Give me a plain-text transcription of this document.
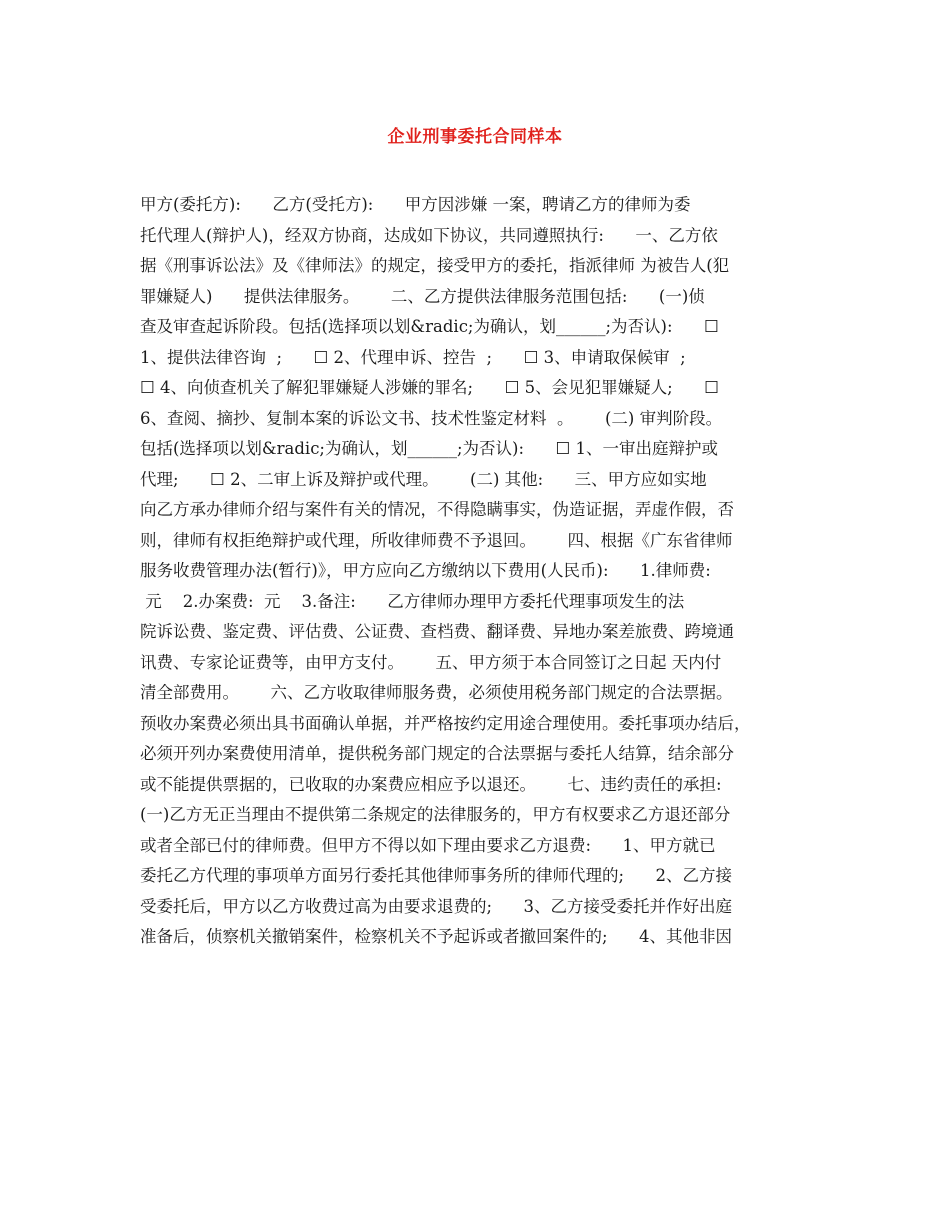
企业刑事委托合同样本
甲方(委托方):      乙方(受托方):      甲方因涉嫌 一案，聘请乙方的律师为委
托代理人(辩护人)，经双方协商，达成如下协议，共同遵照执行:      一、乙方依
据《刑事诉讼法》及《律师法》的规定，接受甲方的委托，指派律师 为被告人(犯
罪嫌疑人)      提供法律服务。      二、乙方提供法律服务范围包括:      (一)侦
查及审查起诉阶段。包括(选择项以划&radic;为确认，划______;为否认):      ☐
1、提供法律咨询  ;      ☐ 2、代理申诉、控告  ;      ☐ 3、申请取保候审  ;
☐ 4、向侦查机关了解犯罪嫌疑人涉嫌的罪名;      ☐ 5、会见犯罪嫌疑人;      ☐
6、查阅、摘抄、复制本案的诉讼文书、技术性鉴定材料  。      (二) 审判阶段。
包括(选择项以划&radic;为确认，划______;为否认):      ☐ 1、一审出庭辩护或
代理;      ☐ 2、二审上诉及辩护或代理。      (二) 其他:      三、甲方应如实地
向乙方承办律师介绍与案件有关的情况，不得隐瞒事实，伪造证据，弄虚作假，否
则，律师有权拒绝辩护或代理，所收律师费不予退回。      四、根据《广东省律师
服务收费管理办法(暂行)》，甲方应向乙方缴纳以下费用(人民币):      1.律师费:
元    2.办案费:  元    3.备注:      乙方律师办理甲方委托代理事项发生的法
院诉讼费、鉴定费、评估费、公证费、查档费、翻译费、异地办案差旅费、跨境通
讯费、专家论证费等，由甲方支付。      五、甲方须于本合同签订之日起 天内付
清全部费用。      六、乙方收取律师服务费，必须使用税务部门规定的合法票据。
预收办案费必须出具书面确认单据，并严格按约定用途合理使用。委托事项办结后，
必须开列办案费使用清单，提供税务部门规定的合法票据与委托人结算，结余部分
或不能提供票据的，已收取的办案费应相应予以退还。      七、违约责任的承担:
(一)乙方无正当理由不提供第二条规定的法律服务的，甲方有权要求乙方退还部分
或者全部已付的律师费。但甲方不得以如下理由要求乙方退费:      1、甲方就已
委托乙方代理的事项单方面另行委托其他律师事务所的律师代理的;      2、乙方接
受委托后，甲方以乙方收费过高为由要求退费的;      3、乙方接受委托并作好出庭
准备后，侦察机关撤销案件，检察机关不予起诉或者撤回案件的;      4、其他非因
